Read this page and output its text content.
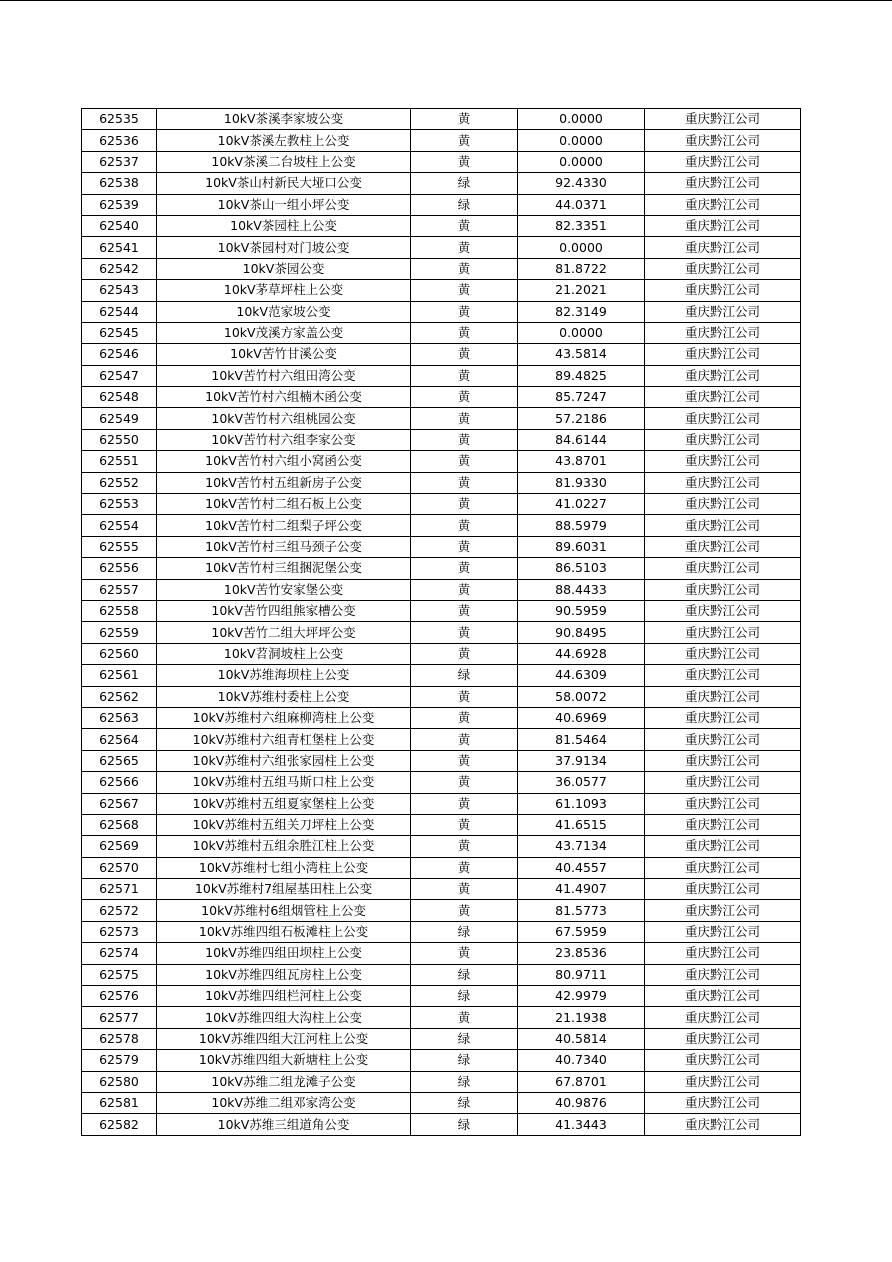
62535	10kV茶溪李家坡公变	黄	0.0000	重庆黔江公司
62536	10kV茶溪左教柱上公变	黄	0.0000	重庆黔江公司
62537	10kV茶溪二台坡柱上公变	黄	0.0000	重庆黔江公司
62538	10kV茶山村新民大垭口公变	绿	92.4330	重庆黔江公司
62539	10kV茶山一组小坪公变	绿	44.0371	重庆黔江公司
62540	10kV茶园柱上公变	黄	82.3351	重庆黔江公司
62541	10kV茶园村对门坡公变	黄	0.0000	重庆黔江公司
62542	10kV茶园公变	黄	81.8722	重庆黔江公司
62543	10kV茅草坪柱上公变	黄	21.2021	重庆黔江公司
62544	10kV范家坡公变	黄	82.3149	重庆黔江公司
62545	10kV茂溪方家盖公变	黄	0.0000	重庆黔江公司
62546	10kV苦竹甘溪公变	黄	43.5814	重庆黔江公司
62547	10kV苦竹村六组田湾公变	黄	89.4825	重庆黔江公司
62548	10kV苦竹村六组楠木函公变	黄	85.7247	重庆黔江公司
62549	10kV苦竹村六组桃园公变	黄	57.2186	重庆黔江公司
62550	10kV苦竹村六组李家公变	黄	84.6144	重庆黔江公司
62551	10kV苦竹村六组小窝函公变	黄	43.8701	重庆黔江公司
62552	10kV苦竹村五组新房子公变	黄	81.9330	重庆黔江公司
62553	10kV苦竹村二组石板上公变	黄	41.0227	重庆黔江公司
62554	10kV苦竹村二组梨子坪公变	黄	88.5979	重庆黔江公司
62555	10kV苦竹村三组马颈子公变	黄	89.6031	重庆黔江公司
62556	10kV苦竹村三组捆泥堡公变	黄	86.5103	重庆黔江公司
62557	10kV苦竹安家堡公变	黄	88.4433	重庆黔江公司
62558	10kV苦竹四组熊家槽公变	黄	90.5959	重庆黔江公司
62559	10kV苦竹二组大坪坪公变	黄	90.8495	重庆黔江公司
62560	10kV苕洞坡柱上公变	黄	44.6928	重庆黔江公司
62561	10kV苏维海坝柱上公变	绿	44.6309	重庆黔江公司
62562	10kV苏维村委柱上公变	黄	58.0072	重庆黔江公司
62563	10kV苏维村六组麻柳湾柱上公变	黄	40.6969	重庆黔江公司
62564	10kV苏维村六组青杠堡柱上公变	黄	81.5464	重庆黔江公司
62565	10kV苏维村六组张家园柱上公变	黄	37.9134	重庆黔江公司
62566	10kV苏维村五组马斯口柱上公变	黄	36.0577	重庆黔江公司
62567	10kV苏维村五组夏家堡柱上公变	黄	61.1093	重庆黔江公司
62568	10kV苏维村五组关刀坪柱上公变	黄	41.6515	重庆黔江公司
62569	10kV苏维村五组余胜江柱上公变	黄	43.7134	重庆黔江公司
62570	10kV苏维村七组小湾柱上公变	黄	40.4557	重庆黔江公司
62571	10kV苏维村7组屋基田柱上公变	黄	41.4907	重庆黔江公司
62572	10kV苏维村6组烟管柱上公变	黄	81.5773	重庆黔江公司
62573	10kV苏维四组石板滩柱上公变	绿	67.5959	重庆黔江公司
62574	10kV苏维四组田坝柱上公变	黄	23.8536	重庆黔江公司
62575	10kV苏维四组瓦房柱上公变	绿	80.9711	重庆黔江公司
62576	10kV苏维四组栏河柱上公变	绿	42.9979	重庆黔江公司
62577	10kV苏维四组大沟柱上公变	黄	21.1938	重庆黔江公司
62578	10kV苏维四组大江河柱上公变	绿	40.5814	重庆黔江公司
62579	10kV苏维四组大新塘柱上公变	绿	40.7340	重庆黔江公司
62580	10kV苏维二组龙滩子公变	绿	67.8701	重庆黔江公司
62581	10kV苏维二组邓家湾公变	绿	40.9876	重庆黔江公司
62582	10kV苏维三组道角公变	绿	41.3443	重庆黔江公司
